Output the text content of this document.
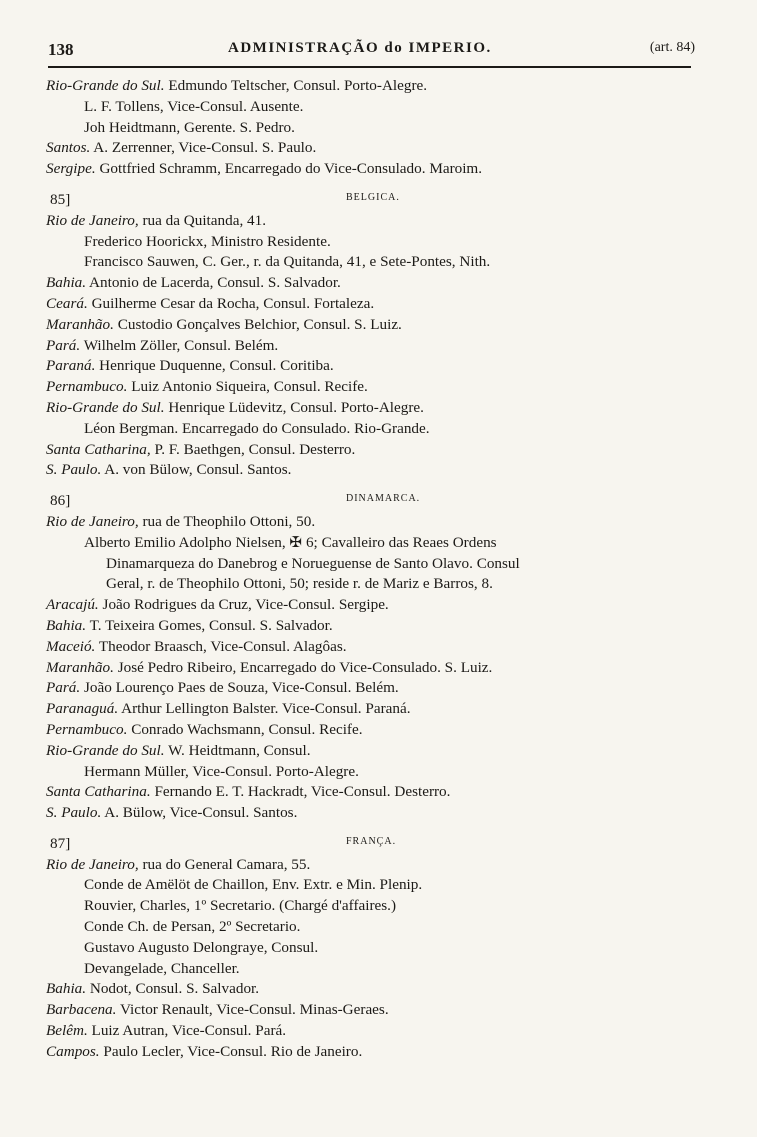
138	ADMINISTRAÇÃO do IMPERIO.	(art. 84)
Rio-Grande do Sul. Edmundo Teltscher, Consul. Porto-Alegre.
L. F. Tollens, Vice-Consul. Ausente.
Joh Heidtmann, Gerente. S. Pedro.
Santos. A. Zerrenner, Vice-Consul. S. Paulo.
Sergipe. Gottfried Schramm, Encarregado do Vice-Consulado. Maroim.
85]	BELGICA.
Rio de Janeiro, rua da Quitanda, 41.
Frederico Hoorickx, Ministro Residente.
Francisco Sauwen, C. Ger., r. da Quitanda, 41, e Sete-Pontes, Nith.
Bahia. Antonio de Lacerda, Consul. S. Salvador.
Ceará. Guilherme Cesar da Rocha, Consul. Fortaleza.
Maranhão. Custodio Gonçalves Belchior, Consul. S. Luiz.
Pará. Wilhelm Zöller, Consul. Belém.
Paraná. Henrique Duquenne, Consul. Coritiba.
Pernambuco. Luiz Antonio Siqueira, Consul. Recife.
Rio-Grande do Sul. Henrique Lüdevitz, Consul. Porto-Alegre.
Léon Bergman. Encarregado do Consulado. Rio-Grande.
Santa Catharina, P. F. Baethgen, Consul. Desterro.
S. Paulo. A. von Bülow, Consul. Santos.
86]	DINAMARCA.
Rio de Janeiro, rua de Theophilo Ottoni, 50.
Alberto Emilio Adolpho Nielsen, ✠ 6; Cavalleiro das Reaes Ordens
Dinamarqueza do Danebrog e Norueguense de Santo Olavo. Consul
Geral, r. de Theophilo Ottoni, 50; reside r. de Mariz e Barros, 8.
Aracajú. João Rodrigues da Cruz, Vice-Consul. Sergipe.
Bahia. T. Teixeira Gomes, Consul. S. Salvador.
Maceió. Theodor Braasch, Vice-Consul. Alagôas.
Maranhão. José Pedro Ribeiro, Encarregado do Vice-Consulado. S. Luiz.
Pará. João Lourenço Paes de Souza, Vice-Consul. Belém.
Paranaguá. Arthur Lellington Balster. Vice-Consul. Paraná.
Pernambuco. Conrado Wachsmann, Consul. Recife.
Rio-Grande do Sul. W. Heidtmann, Consul.
Hermann Müller, Vice-Consul. Porto-Alegre.
Santa Catharina. Fernando E. T. Hackradt, Vice-Consul. Desterro.
S. Paulo. A. Bülow, Vice-Consul. Santos.
87]	FRANÇA.
Rio de Janeiro, rua do General Camara, 55.
Conde de Amëlöt de Chaillon, Env. Extr. e Min. Plenip.
Rouvier, Charles, 1º Secretario. (Chargé d'affaires.)
Conde Ch. de Persan, 2º Secretario.
Gustavo Augusto Delongraye, Consul.
Devangelade, Chanceller.
Bahia. Nodot, Consul. S. Salvador.
Barbacena. Victor Renault, Vice-Consul. Minas-Geraes.
Belêm. Luiz Autran, Vice-Consul. Pará.
Campos. Paulo Lecler, Vice-Consul. Rio de Janeiro.
